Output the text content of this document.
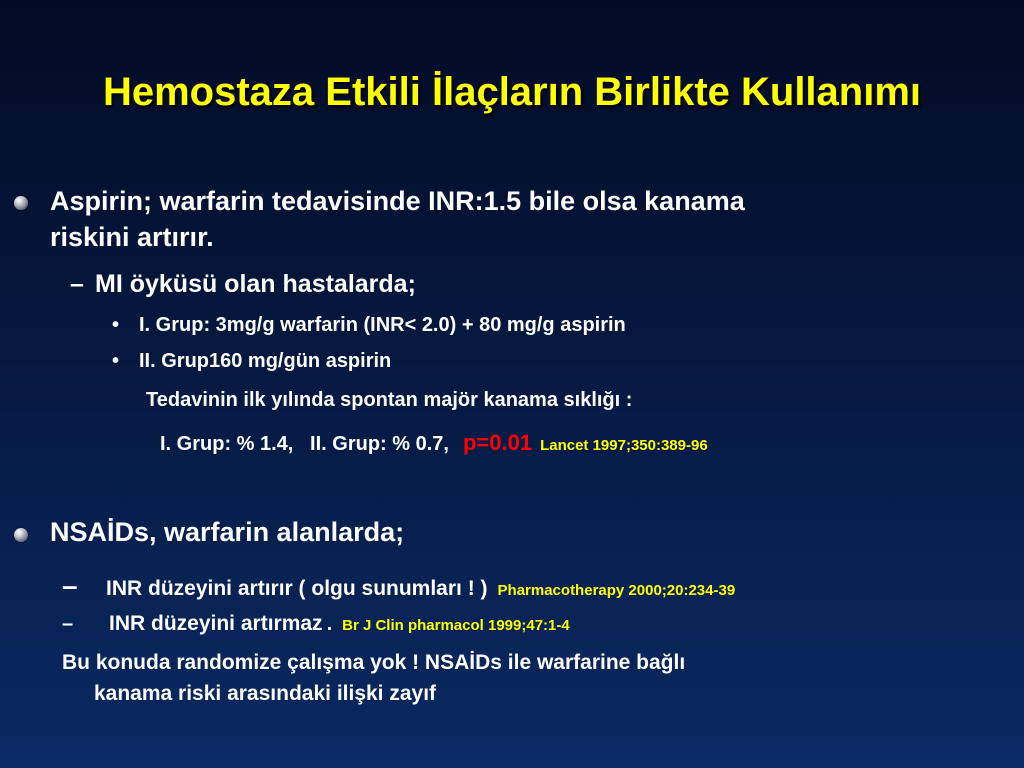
Hemostaza Etkili İlaçların Birlikte Kullanımı
Aspirin; warfarin tedavisinde INR:1.5 bile olsa kanama
riskini artırır.
– MI öyküsü olan hastalarda;
• I. Grup: 3mg/g warfarin (INR< 2.0) + 80 mg/g aspirin
• II. Grup160 mg/gün aspirin
Tedavinin ilk yılında spontan majör kanama sıklığı :
I. Grup: % 1.4,   II. Grup: % 0.7, p=0.01 Lancet 1997;350:389-96
NSAİDs, warfarin alanlarda;
–	INR düzeyini artırır ( olgu sunumları ! ) Pharmacotherapy 2000;20:234-39
–	INR düzeyini artırmaz . Br J Clin pharmacol 1999;47:1-4
Bu konuda randomize çalışma yok ! NSAİDs ile warfarine bağlı
kanama riski arasındaki ilişki zayıf
